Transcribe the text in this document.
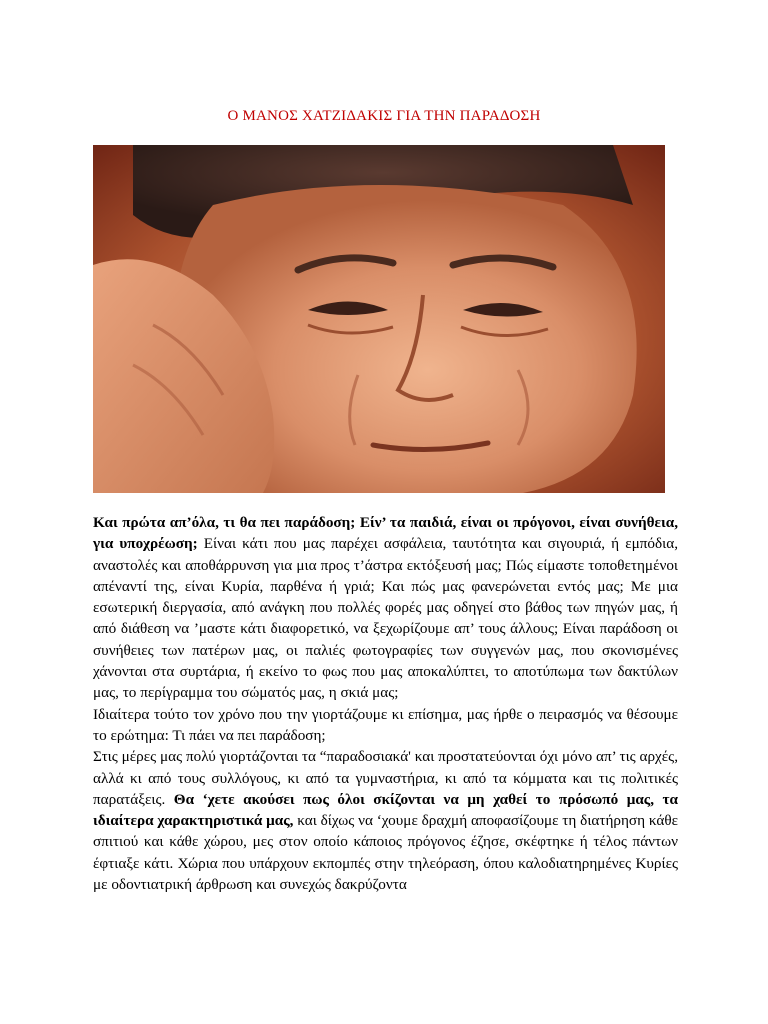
Ο ΜΑΝΟΣ ΧΑΤΖΙΔΑΚΙΣ ΓΙΑ ΤΗΝ ΠΑΡΑΔΟΣΗ

Και πρώτα απ’όλα, τι θα πει παράδοση; Είν’ τα παιδιά, είναι οι πρόγονοι, είναι συνήθεια, για υποχρέωση; Είναι κάτι που μας παρέχει ασφάλεια, ταυτότητα και σιγουριά, ή εμπόδια, αναστολές και αποθάρρυνση για μια προς τ’άστρα εκτόξευσή μας; Πώς είμαστε τοποθετημένοι απέναντί της, είναι Κυρία, παρθένα ή γριά; Και πώς μας φανερώνεται εντός μας; Με μια εσωτερική διεργασία, από ανάγκη που πολλές φορές μας οδηγεί στο βάθος των πηγών μας, ή από διάθεση να ’μαστε κάτι διαφορετικό, να ξεχωρίζουμε απ’ τους άλλους; Είναι παράδοση οι συνήθειες των πατέρων μας, οι παλιές φωτογραφίες των συγγενών μας, που σκονισμένες χάνονται στα συρτάρια, ή εκείνο το φως που μας αποκαλύπτει, το αποτύπωμα των δακτύλων μας, το περίγραμμα του σώματός μας, η σκιά μας;

Ιδιαίτερα τούτο τον χρόνο που την γιορτάζουμε κι επίσημα, μας ήρθε ο πειρασμός να θέσουμε το ερώτημα: Τι πάει να πει παράδοση;

Στις μέρες μας πολύ γιορτάζονται τα “παραδοσιακά' και προστατεύονται όχι μόνο απ’ τις αρχές, αλλά κι από τους συλλόγους, κι από τα γυμναστήρια, κι από τα κόμματα και τις πολιτικές παρατάξεις. Θα ‘χετε ακούσει πως όλοι σκίζονται να μη χαθεί το πρόσωπό μας, τα ιδιαίτερα χαρακτηριστικά μας, και δίχως να ‘χουμε δραχμή αποφασίζουμε τη διατήρηση κάθε σπιτιού και κάθε χώρου, μες στον οποίο κάποιος πρόγονος έζησε, σκέφτηκε ή τέλος πάντων έφτιαξε κάτι. Χώρια που υπάρχουν εκπομπές στην τηλεόραση, όπου καλοδιατηρημένες Κυρίες με οδοντιατρική άρθρωση και συνεχώς δακρύζοντα
